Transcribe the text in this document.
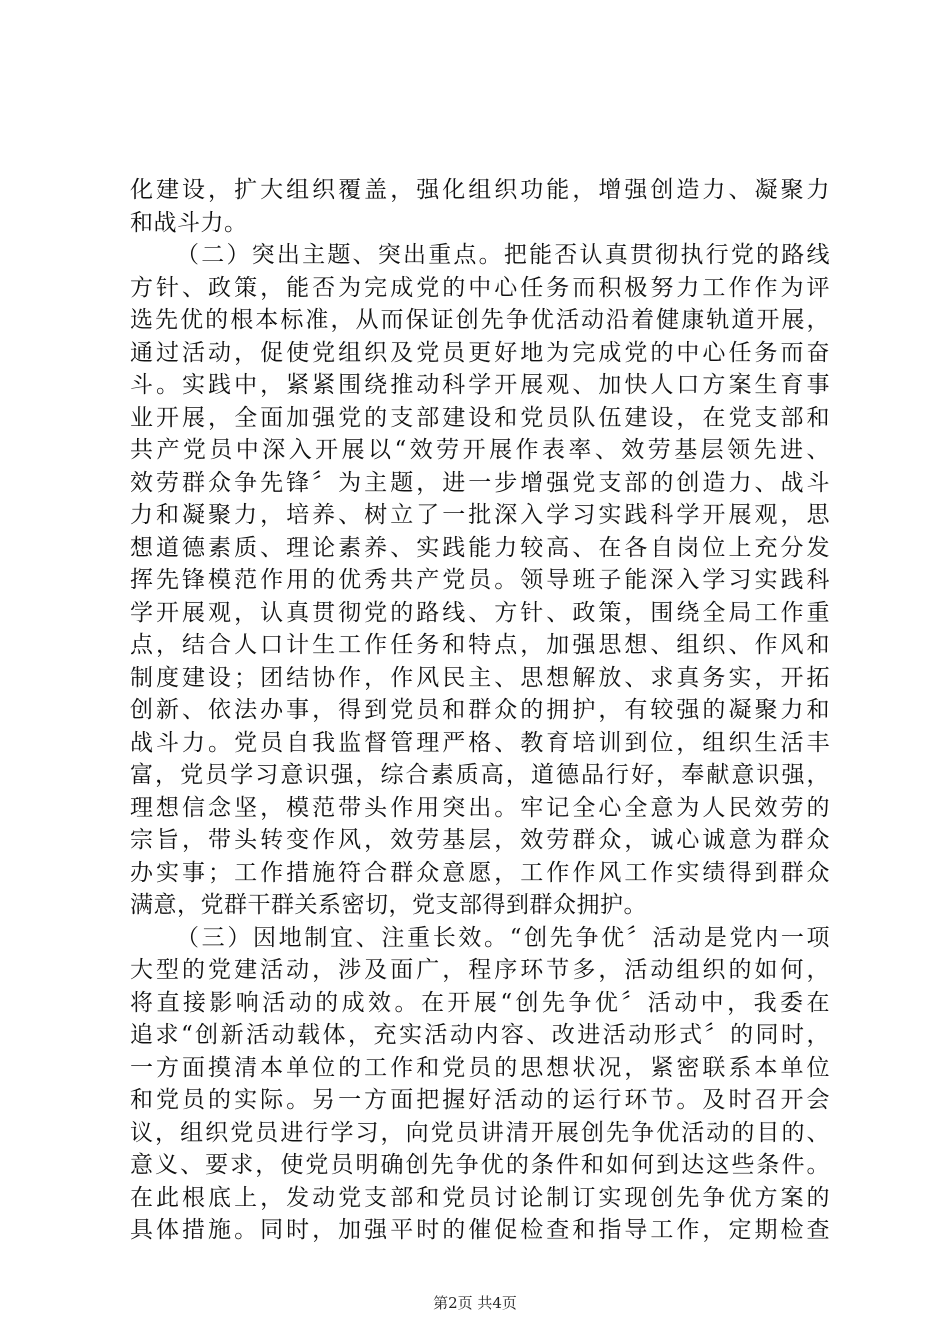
化建设，扩大组织覆盖，强化组织功能，增强创造力、凝聚力
和战斗力。
（二）突出主题、突出重点。把能否认真贯彻执行党的路线
方针、政策，能否为完成党的中心任务而积极努力工作作为评
选先优的根本标准，从而保证创先争优活动沿着健康轨道开展，
通过活动，促使党组织及党员更好地为完成党的中心任务而奋
斗。实践中，紧紧围绕推动科学开展观、加快人口方案生育事
业开展，全面加强党的支部建设和党员队伍建设，在党支部和
共产党员中深入开展以“效劳开展作表率、效劳基层领先进、
效劳群众争先锋〞为主题，进一步增强党支部的创造力、战斗
力和凝聚力，培养、树立了一批深入学习实践科学开展观，思
想道德素质、理论素养、实践能力较高、在各自岗位上充分发
挥先锋模范作用的优秀共产党员。领导班子能深入学习实践科
学开展观，认真贯彻党的路线、方针、政策，围绕全局工作重
点，结合人口计生工作任务和特点，加强思想、组织、作风和
制度建设；团结协作，作风民主、思想解放、求真务实，开拓
创新、依法办事，得到党员和群众的拥护，有较强的凝聚力和
战斗力。党员自我监督管理严格、教育培训到位，组织生活丰
富，党员学习意识强，综合素质高，道德品行好，奉献意识强，
理想信念坚，模范带头作用突出。牢记全心全意为人民效劳的
宗旨，带头转变作风，效劳基层，效劳群众，诚心诚意为群众
办实事；工作措施符合群众意愿，工作作风工作实绩得到群众
满意，党群干群关系密切，党支部得到群众拥护。
（三）因地制宜、注重长效。“创先争优〞活动是党内一项
大型的党建活动，涉及面广，程序环节多，活动组织的如何，
将直接影响活动的成效。在开展“创先争优〞活动中，我委在
追求“创新活动载体，充实活动内容、改进活动形式〞的同时，
一方面摸清本单位的工作和党员的思想状况，紧密联系本单位
和党员的实际。另一方面把握好活动的运行环节。及时召开会
议，组织党员进行学习，向党员讲清开展创先争优活动的目的、
意义、要求，使党员明确创先争优的条件和如何到达这些条件。
在此根底上，发动党支部和党员讨论制订实现创先争优方案的
具体措施。同时，加强平时的催促检查和指导工作，定期检查
第2页 共4页
